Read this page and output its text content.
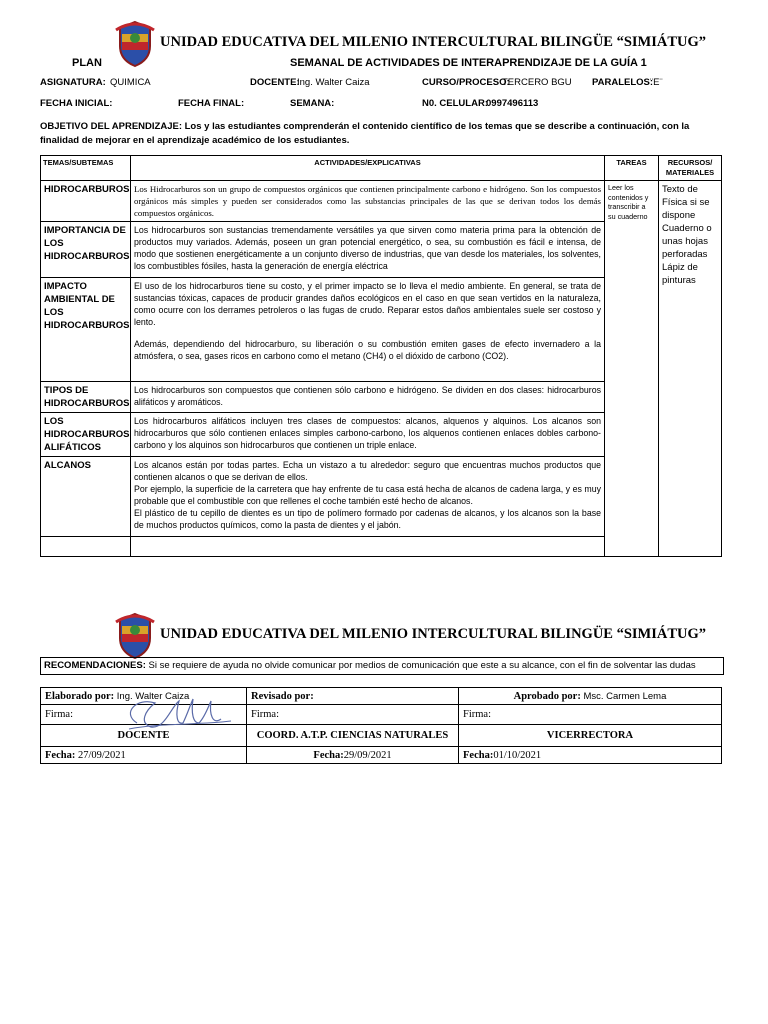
UNIDAD EDUCATIVA DEL MILENIO INTERCULTURAL BILINGÜE “SIMIÁTUG”
PLAN	SEMANAL DE ACTIVIDADES DE INTERAPRENDIZAJE DE LA GUÍA 1
ASIGNATURA: QUIMICA	DOCENTE:
Ing. Walter Caiza	CURSO/PROCESO:
TERCERO BGU PARALELOS:
¨E¨
FECHA INICIAL:	FECHA FINAL:	SEMANA:	N0. CELULAR:
0997496113
OBJETIVO DEL APRENDIZAJE: Los y las estudiantes comprenderán el contenido científico de los temas que se describe a continuación, con la finalidad de mejorar en el aprendizaje académico de los estudiantes.
TEMAS/SUBTEMAS	ACTIVIDADES/EXPLICATIVAS	TAREAS	RECURSOS/ MATERIALES
HIDROCARBUROS	Los Hidrocarburos son un grupo de compuestos orgánicos que contienen principalmente carbono e hidrógeno. Son los compuestos orgánicos más simples y pueden ser considerados como las substancias principales de las que se derivan todos los demás compuestos orgánicos.	Leer los contenidos y transcribir a su cuaderno	Texto de Física si se dispone Cuaderno o unas hojas perforadas Lápiz de pinturas
IMPORTANCIA DE LOS HIDROCARBUROS	Los hidrocarburos son sustancias tremendamente versátiles ya que sirven como materia prima para la obtención de productos muy variados. Además, poseen un gran potencial energético, o sea, su combustión es fácil e intensa, de modo que sostienen energéticamente a un conjunto diverso de industrias, que van desde los materiales, los solventes, los combustibles fósiles, hasta la generación de energía eléctrica		
IMPACTO AMBIENTAL DE LOS HIDROCARBUROS	El uso de los hidrocarburos tiene su costo, y el primer impacto se lo lleva el medio ambiente. En general, se trata de sustancias tóxicas, capaces de producir grandes daños ecológicos en el caso en que sean vertidos en la naturaleza, como ocurre con los derrames petroleros o las fugas de crudo. Reparar estos daños ambientales suele ser costoso y lento.
Además, dependiendo del hidrocarburo, su liberación o su combustión emiten gases de efecto invernadero a la atmósfera, o sea, gases ricos en carbono como el metano (CH4) o el dióxido de carbono (CO2).		

TIPOS DE HIDROCARBUROS	Los hidrocarburos son compuestos que contienen sólo carbono e hidrógeno. Se dividen en dos clases: hidrocarburos alifáticos y aromáticos.		
LOS HIDROCARBUROS ALIFÁTICOS	Los hidrocarburos alifáticos incluyen tres clases de compuestos: alcanos, alquenos y alquinos. Los alcanos son hidrocarburos que sólo contienen enlaces simples carbono-carbono, los alquenos contienen enlaces dobles carbono-carbono y los alquinos son hidrocarburos que contienen un triple enlace.		
ALCANOS	Los alcanos están por todas partes. Echa un vistazo a tu alrededor: seguro que encuentras muchos productos que contienen alcanos o que se derivan de ellos.
Por ejemplo, la superficie de la carretera que hay enfrente de tu casa está hecha de alcanos de cadena larga, y es muy probable que el combustible con que rellenes el coche también esté hecho de alcanos.
El plástico de tu cepillo de dientes es un tipo de polímero formado por cadenas de alcanos, y los alcanos son la base de muchos productos químicos, como la pasta de dientes y el jabón.		

UNIDAD EDUCATIVA DEL MILENIO INTERCULTURAL BILINGÜE “SIMIÁTUG”
RECOMENDACIONES: Si se requiere de ayuda no olvide comunicar por medios de comunicación que este a su alcance, con el fin de solventar las dudas
Elaborado por: Ing. Walter Caiza	Revisado por:	Aprobado por: Msc. Carmen Lema
Firma:	Firma:	Firma:
DOCENTE	COORD. A.T.P. CIENCIAS NATURALES	VICERRECTORA
Fecha: 27/09/2021	Fecha:29/09/2021	Fecha:01/10/2021
